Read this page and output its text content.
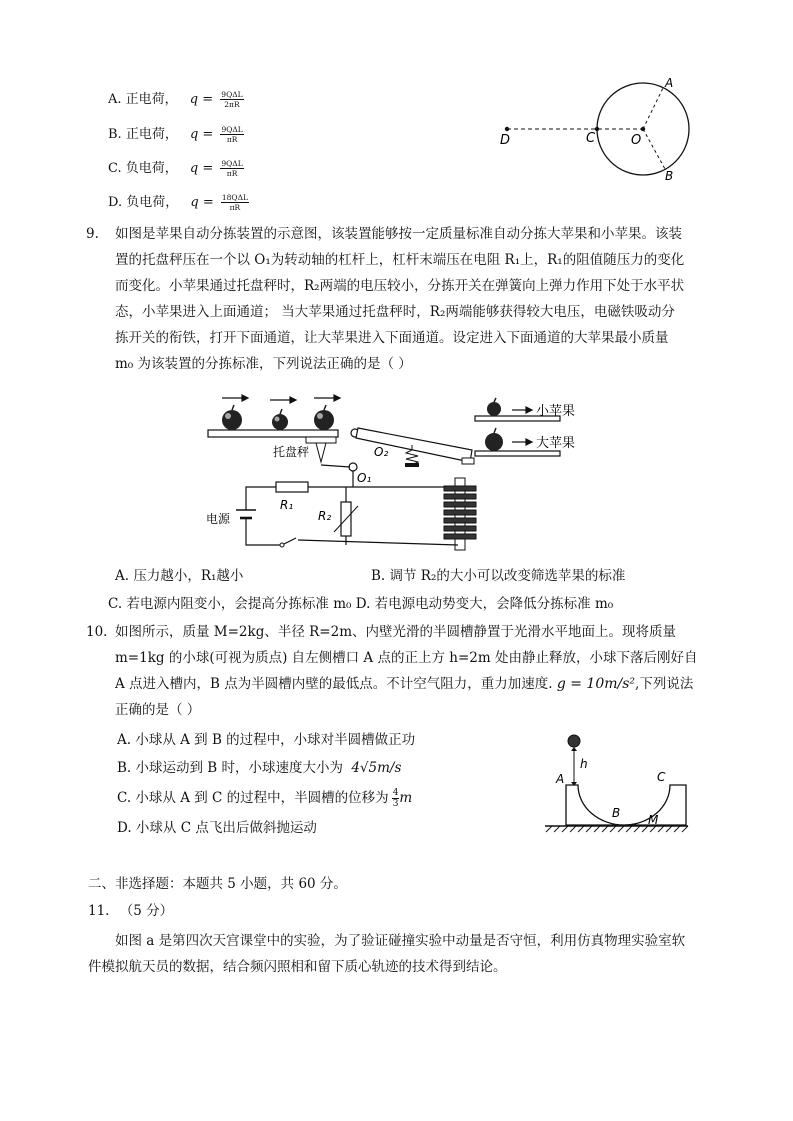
A. 正电荷， $q = \frac{\text{9QΔL}}{2\pi R}$
B. 正电荷， $q = \frac{\text{9QΔL}}{\pi R}$
C. 负电荷， $q = \frac{\text{9QΔL}}{\pi R}$
D. 负电荷， $q = \frac{\text{18QΔL}}{\pi R}$
A
B
C	O
D
9. 如图是苹果自动分拣装置的示意图，该装置能够按一定质量标准自动分拣大苹果和小苹果。该装
置的托盘秤压在一个以 O₁为转动轴的杠杆上，杠杆末端压在电阻 R₁上，R₁的阻值随压力的变化
而变化。小苹果通过托盘秤时，R₂两端的电压较小，分拣开关在弹簧向上弹力作用下处于水平状
态，小苹果进入上面通道； 当大苹果通过托盘秤时，R₂两端能够获得较大电压，电磁铁吸动分
拣开关的衔铁，打开下面通道，让大苹果进入下面通道。设定进入下面通道的大苹果最小质量
m₀ 为该装置的分拣标准，下列说法正确的是（ ）
托盘秤
O₁
O₂
小苹果
大苹果
R₁
R₂
电源
A. 压力越小，R₁越小	B. 调节 R₂的大小可以改变筛选苹果的标准
C. 若电源内阻变小，会提高分拣标准 m₀ D. 若电源电动势变大，会降低分拣标准 m₀
10. 如图所示，质量 M=2kg、半径 R=2m、内壁光滑的半圆槽静置于光滑水平地面上。现将质量
m=1kg 的小球(可视为质点) 自左侧槽口 A 点的正上方 h=2m 处由静止释放，小球下落后刚好自
A 点进入槽内，B 点为半圆槽内壁的最低点。不计空气阻力，重力加速度. g = 10m/s²,下列说法
正确的是（ ）
A. 小球从 A 到 B 的过程中，小球对半圆槽做正功
B. 小球运动到 B 时，小球速度大小为 4√5m/s
C. 小球从 A 到 C 的过程中，半圆槽的位移为 $\frac{4}{3}$ m
D. 小球从 C 点飞出后做斜抛运动
h
A	C
B M
二、非选择题：本题共 5 小题，共 60 分。
11. （5 分）
如图 a 是第四次天宫课堂中的实验，为了验证碰撞实验中动量是否守恒，利用仿真物理实验室软
件模拟航天员的数据，结合频闪照相和留下质心轨迹的技术得到结论。
